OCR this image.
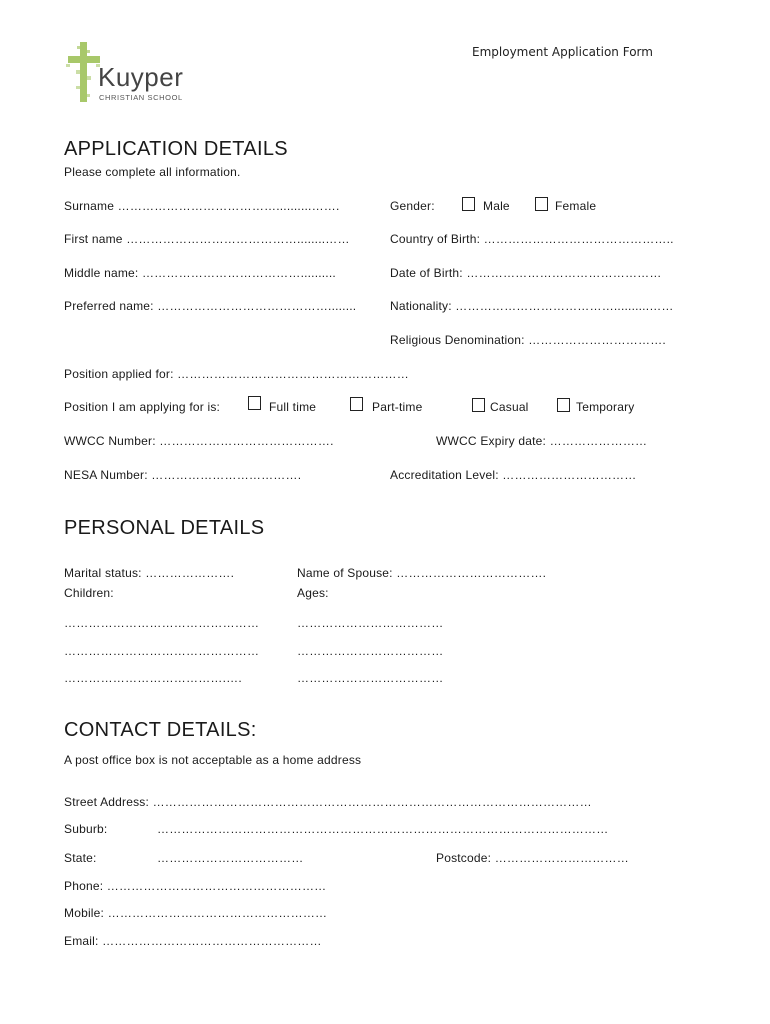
Kuyper
CHRISTIAN SCHOOL
Employment Application Form
APPLICATION DETAILS
Please complete all information.
Surname …………………………………..........…….	Gender:	Male	Female
First name ……………………………………........……	Country of Birth: ………………………………………..
Middle name: …………………………………..........	Date of Birth: …………………………………………
Preferred name: ……………………………………........	Nationality: …………………………………..........……
Religious Denomination: …………………………….
Position applied for: …………………………………………………
Position I am applying for is:	Full time	Part-time	Casual	Temporary
WWCC Number: …………………………………….	WWCC Expiry date: ……………………
NESA Number: ……………………………….	Accreditation Level: ……………………………
PERSONAL DETAILS
Marital status: ………………….	Name of Spouse: ……………………………….
Children:	Ages:
…………………………………………	………………………………
…………………………………………	………………………………
………………………………….….	………………………………
CONTACT DETAILS:
A post office box is not acceptable as a home address
Street Address: ………………………………………………………………………………………………
Suburb:	…………………………………………………………………………………………………
State:	………………………………	Postcode: ……………………………
Phone: ………………………………………………
Mobile: ………………………………………………
Email: ………………………………………………
